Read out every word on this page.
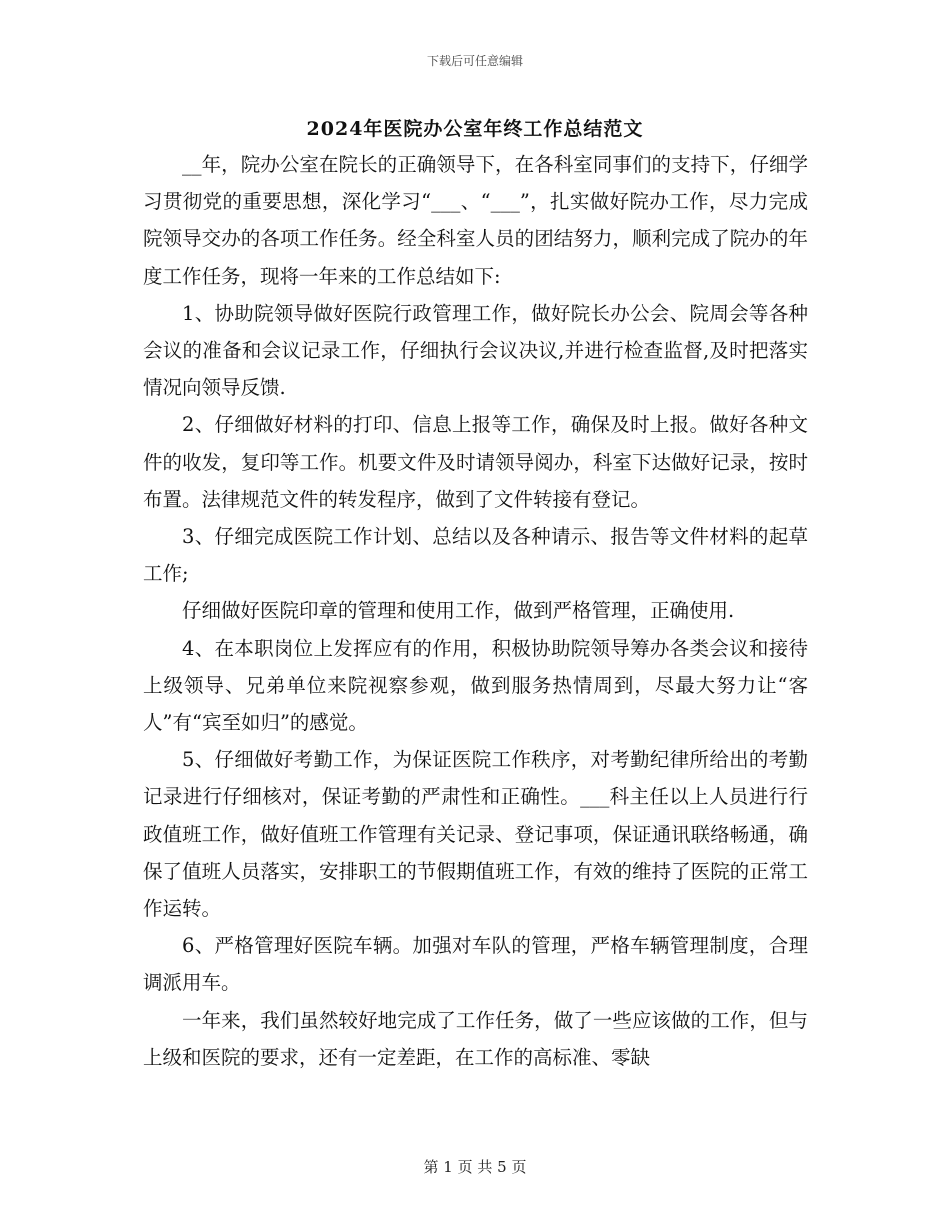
下载后可任意编辑
2024年医院办公室年终工作总结范文

__年，院办公室在院长的正确领导下，在各科室同事们的支持下，仔细学习贯彻党的重要思想，深化学习“___、“___”，扎实做好院办工作，尽力完成院领导交办的各项工作任务。经全科室人员的团结努力，顺利完成了院办的年度工作任务，现将一年来的工作总结如下:

1、协助院领导做好医院行政管理工作，做好院长办公会、院周会等各种会议的准备和会议记录工作，仔细执行会议决议,并进行检查监督,及时把落实情况向领导反馈.

2、仔细做好材料的打印、信息上报等工作，确保及时上报。做好各种文件的收发，复印等工作。机要文件及时请领导阅办，科室下达做好记录，按时布置。法律规范文件的转发程序，做到了文件转接有登记。

3、仔细完成医院工作计划、总结以及各种请示、报告等文件材料的起草工作;

仔细做好医院印章的管理和使用工作，做到严格管理，正确使用.

4、在本职岗位上发挥应有的作用，积极协助院领导筹办各类会议和接待上级领导、兄弟单位来院视察参观，做到服务热情周到，尽最大努力让“客人”有“宾至如归”的感觉。

5、仔细做好考勤工作，为保证医院工作秩序，对考勤纪律所给出的考勤记录进行仔细核对，保证考勤的严肃性和正确性。___科主任以上人员进行行政值班工作，做好值班工作管理有关记录、登记事项，保证通讯联络畅通，确保了值班人员落实，安排职工的节假期值班工作，有效的维持了医院的正常工作运转。

6、严格管理好医院车辆。加强对车队的管理，严格车辆管理制度，合理调派用车。

一年来，我们虽然较好地完成了工作任务，做了一些应该做的工作，但与上级和医院的要求，还有一定差距，在工作的高标准、零缺

第 1 页 共 5 页
